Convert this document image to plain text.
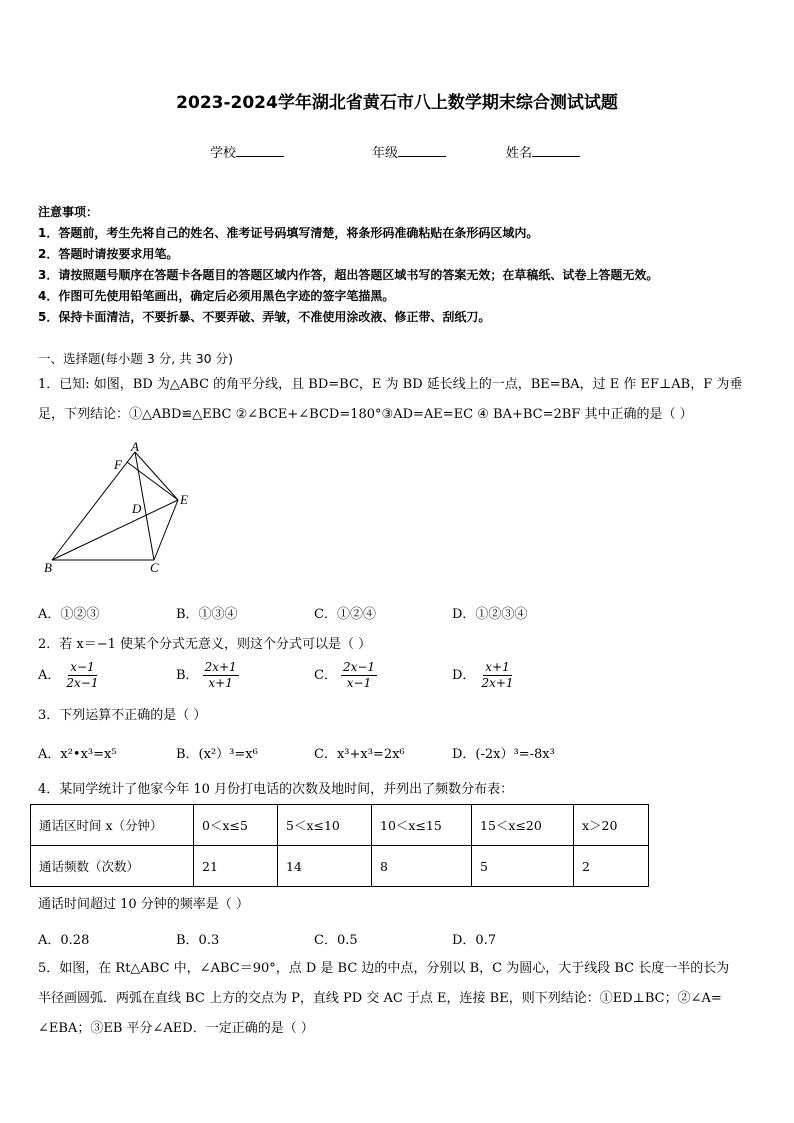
2023-2024学年湖北省黄石市八上数学期末综合测试试题
学校	年级	姓名
注意事项：
1．答题前，考生先将自己的姓名、准考证号码填写清楚，将条形码准确粘贴在条形码区域内。
2．答题时请按要求用笔。
3．请按照题号顺序在答题卡各题目的答题区域内作答，超出答题区域书写的答案无效；在草稿纸、试卷上答题无效。
4．作图可先使用铅笔画出，确定后必须用黑色字迹的签字笔描黑。
5．保持卡面清洁，不要折暴、不要弄破、弄皱，不准使用涂改液、修正带、刮纸刀。
一、选择题(每小题 3 分, 共 30 分)
1．已知: 如图，BD 为△ABC 的角平分线，且 BD=BC，E 为 BD 延长线上的一点，BE=BA，过 E 作 EF⊥AB，F 为垂
足，下列结论：①△ABD≌△EBC ②∠BCE+∠BCD=180°③AD=AE=EC ④ BA+BC=2BF 其中正确的是（ ）
A
F
E
D
B	C
A．①②③	B．①③④	C．①②④	D．①②③④
2．若 x＝−1 使某个分式无意义，则这个分式可以是（ ）
A． $\frac{x-1}{2x-1}$	B． $\frac{2x+1}{x+1}$	C． $\frac{2x-1}{x-1}$	D． $\frac{x+1}{2x+1}$
3．下列运算不正确的是（ ）
A．x²•x³=x⁵	B．(x²）³=x⁶	C．x³+x³=2x⁶	D．(-2x）³=-8x³
4．某同学统计了他家今年 10 月份打电话的次数及地时间，并列出了频数分布表：
通话区时间 x（分钟）	0＜x≤5	5＜x≤10	10＜x≤15	15＜x≤20	x＞20
通话频数（次数）	21	14	8	5	2
通话时间超过 10 分钟的频率是（ ）
A．0.28	B．0.3	C．0.5	D．0.7
5．如图，在 Rt△ABC 中，∠ABC＝90°，点 D 是 BC 边的中点，分别以 B，C 为圆心，大于线段 BC 长度一半的长为
半径画圆弧．两弧在直线 BC 上方的交点为 P，直线 PD 交 AC 于点 E，连接 BE，则下列结论：①ED⊥BC；②∠A=
∠EBA；③EB 平分∠AED．一定正确的是（ ）
